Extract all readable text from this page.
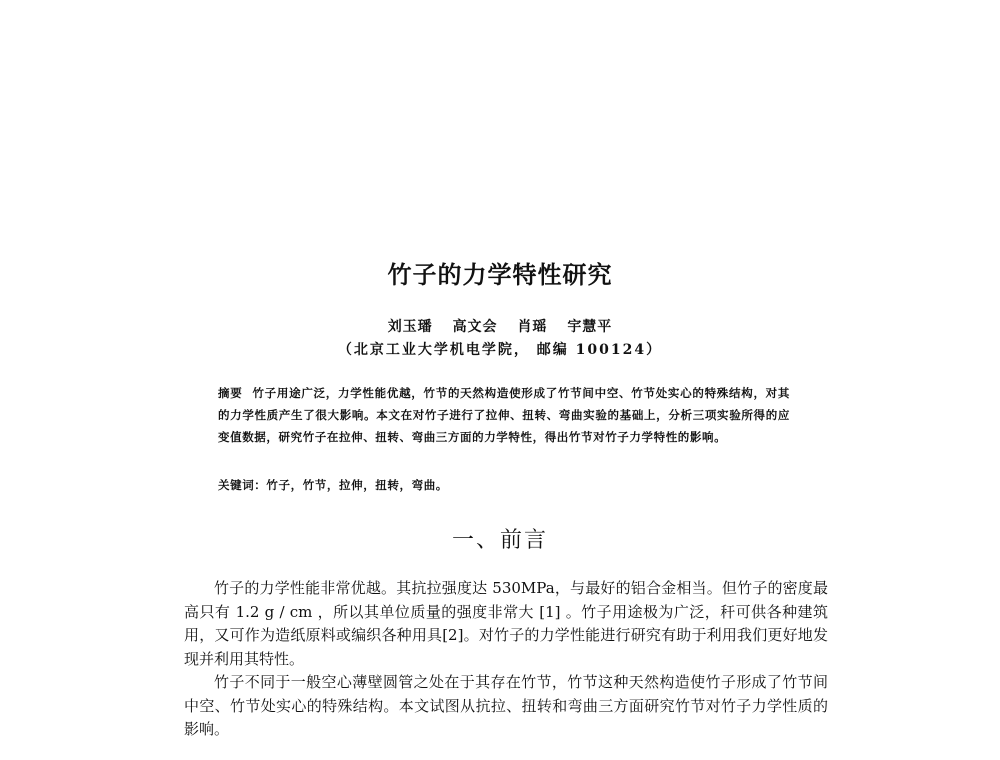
竹子的力学特性研究
刘玉璠 高文会 肖瑶 宇慧平
（北京工业大学机电学院， 邮编 100124）
摘要 竹子用途广泛，力学性能优越，竹节的天然构造使形成了竹节间中空、竹节处实心的特殊结构，对其的力学性质产生了很大影响。本文在对竹子进行了拉伸、扭转、弯曲实验的基础上，分析三项实验所得的应变值数据，研究竹子在拉伸、扭转、弯曲三方面的力学特性，得出竹节对竹子力学特性的影响。
关键词：竹子，竹节，拉伸，扭转，弯曲。
一、前言

竹子的力学性能非常优越。其抗拉强度达 530MPa，与最好的铝合金相当。但竹子的密度最高只有 1.2 g / cm ，所以其单位质量的强度非常大 [1] 。竹子用途极为广泛，秆可供各种建筑用，又可作为造纸原料或编织各种用具[2]。对竹子的力学性能进行研究有助于利用我们更好地发现并利用其特性。

竹子不同于一般空心薄壁圆管之处在于其存在竹节，竹节这种天然构造使竹子形成了竹节间中空、竹节处实心的特殊结构。本文试图从抗拉、扭转和弯曲三方面研究竹节对竹子力学性质的影响。
